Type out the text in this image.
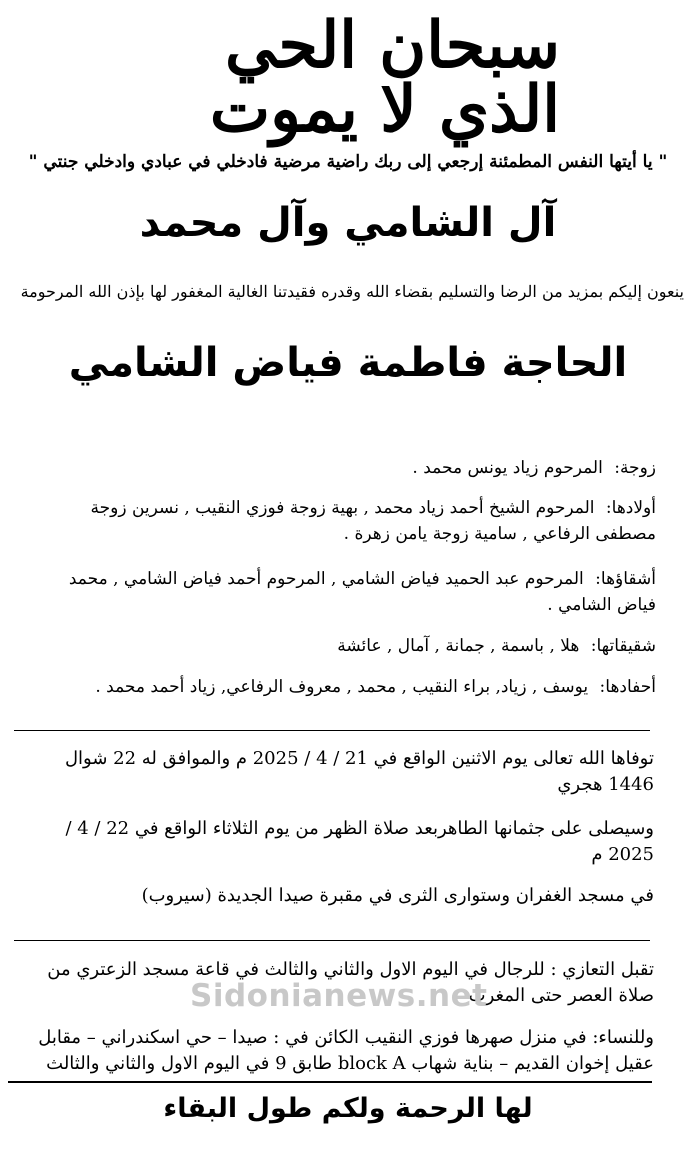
سبحان الحي الذي لا يموت
" يا أيتها النفس المطمئنة إرجعي إلى ربك راضية مرضية فادخلي في عبادي وادخلي جنتي "
آل الشامي وآل محمد
ينعون إليكم بمزيد من الرضا والتسليم بقضاء الله وقدره فقيدتنا الغالية المغفور لها بإذن الله المرحومة
الحاجة فاطمة فياض الشامي
زوجة: المرحوم زياد يونس محمد .
أولادها: المرحوم الشيخ أحمد زياد محمد , بهية زوجة فوزي النقيب , نسرين زوجة مصطفى الرفاعي , سامية زوجة يامن زهرة .
أشقاؤها: المرحوم عبد الحميد فياض الشامي , المرحوم أحمد فياض الشامي , محمد فياض الشامي .
شقيقاتها: هلا , باسمة , جمانة , آمال , عائشة
أحفادها: يوسف , زياد, براء النقيب , محمد , معروف الرفاعي, زياد أحمد محمد .
توفاها الله تعالى يوم الاثنين الواقع في 21 / 4 / 2025 م والموافق له 22 شوال 1446 هجري
وسيصلى على جثمانها الطاهربعد صلاة الظهر من يوم الثلاثاء الواقع في 22 / 4 / 2025 م
في مسجد الغفران وستوارى الثرى في مقبرة صيدا الجديدة (سيروب)
تقبل التعازي : للرجال في اليوم الاول والثاني والثالث في قاعة مسجد الزعتري من صلاة العصر حتى المغرب
Sidonianews.net
وللنساء: في منزل صهرها فوزي النقيب الكائن في : صيدا – حي اسكندراني – مقابل عقيل إخوان القديم – بناية شهاب block A طابق 9 في اليوم الاول والثاني والثالث
لها الرحمة ولكم طول البقاء
